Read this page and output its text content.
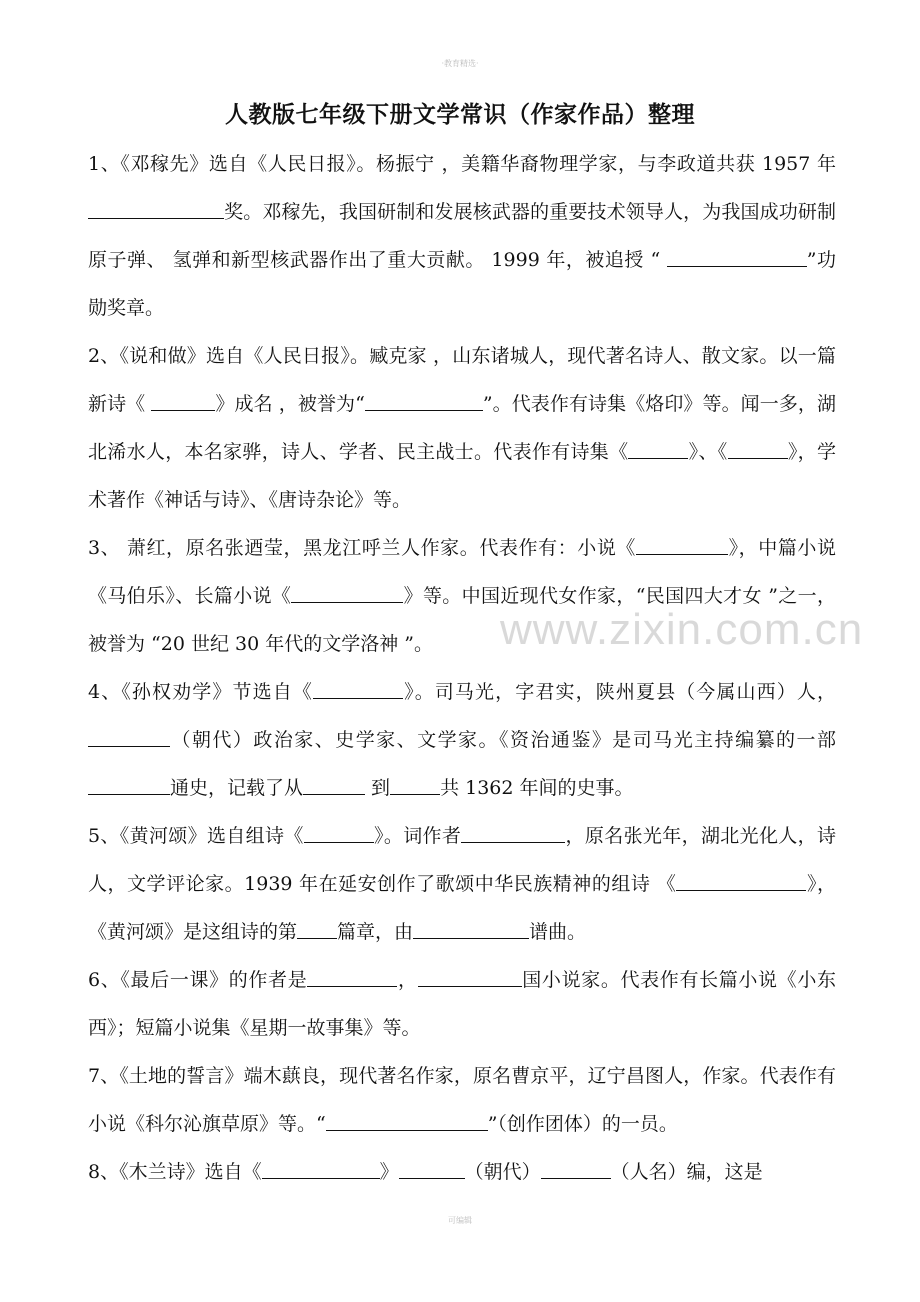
·教育精选·
人教版七年级下册文学常识（作家作品）整理
www.zixin.com.cn

1、《邓稼先》选自《人民日报》。杨振宁 ，美籍华裔物理学家，与李政道共获 1957 年 奖。邓稼先，我国研制和发展核武器的重要技术领导人，为我国成功研制原子弹、 氢弹和新型核武器作出了重大贡献。 1999 年，被追授 “	”功勋奖章。

2、《说和做》选自《人民日报》。臧克家 ，山东诸城人，现代著名诗人、散文家。以一篇新诗《	》成名 ，被誉为“	”。代表作有诗集《烙印》等。闻一多，湖北浠水人，本名家骅，诗人、学者、民主战士。代表作有诗集《	》、《	》，学术著作《神话与诗》、《唐诗杂论》等。

3、 萧红，原名张迺莹，黑龙江呼兰人作家。代表作有：小说《	》，中篇小说《马伯乐》、长篇小说《	》等。中国近现代女作家，“民国四大才女 ”之一，被誉为 “20 世纪 30 年代的文学洛神 ”。

4、《孙权劝学》节选自《	》。司马光，字君实，陕州夏县（今属山西）人，（朝代）政治家、史学家、文学家。《资治通鉴》是司马光主持编纂的一部 通史，记载了从	到	共 1362 年间的史事。

5、《黄河颂》选自组诗《	》。词作者	，原名张光年，湖北光化人，诗人，文学评论家。1939 年在延安创作了歌颂中华民族精神的组诗 《	》，《黄河颂》是这组诗的第 篇章，由	谱曲。

6、《最后一课》的作者是	，	国小说家。代表作有长篇小说《小东西》；短篇小说集《星期一故事集》等。

7、《土地的誓言》端木蕻良，现代著名作家，原名曹京平，辽宁昌图人，作家。代表作有小说《科尔沁旗草原》等。“	”（创作团体）的一员。

8、《木兰诗》选自《	》	（朝代）	（人名）编，这是

可编辑
